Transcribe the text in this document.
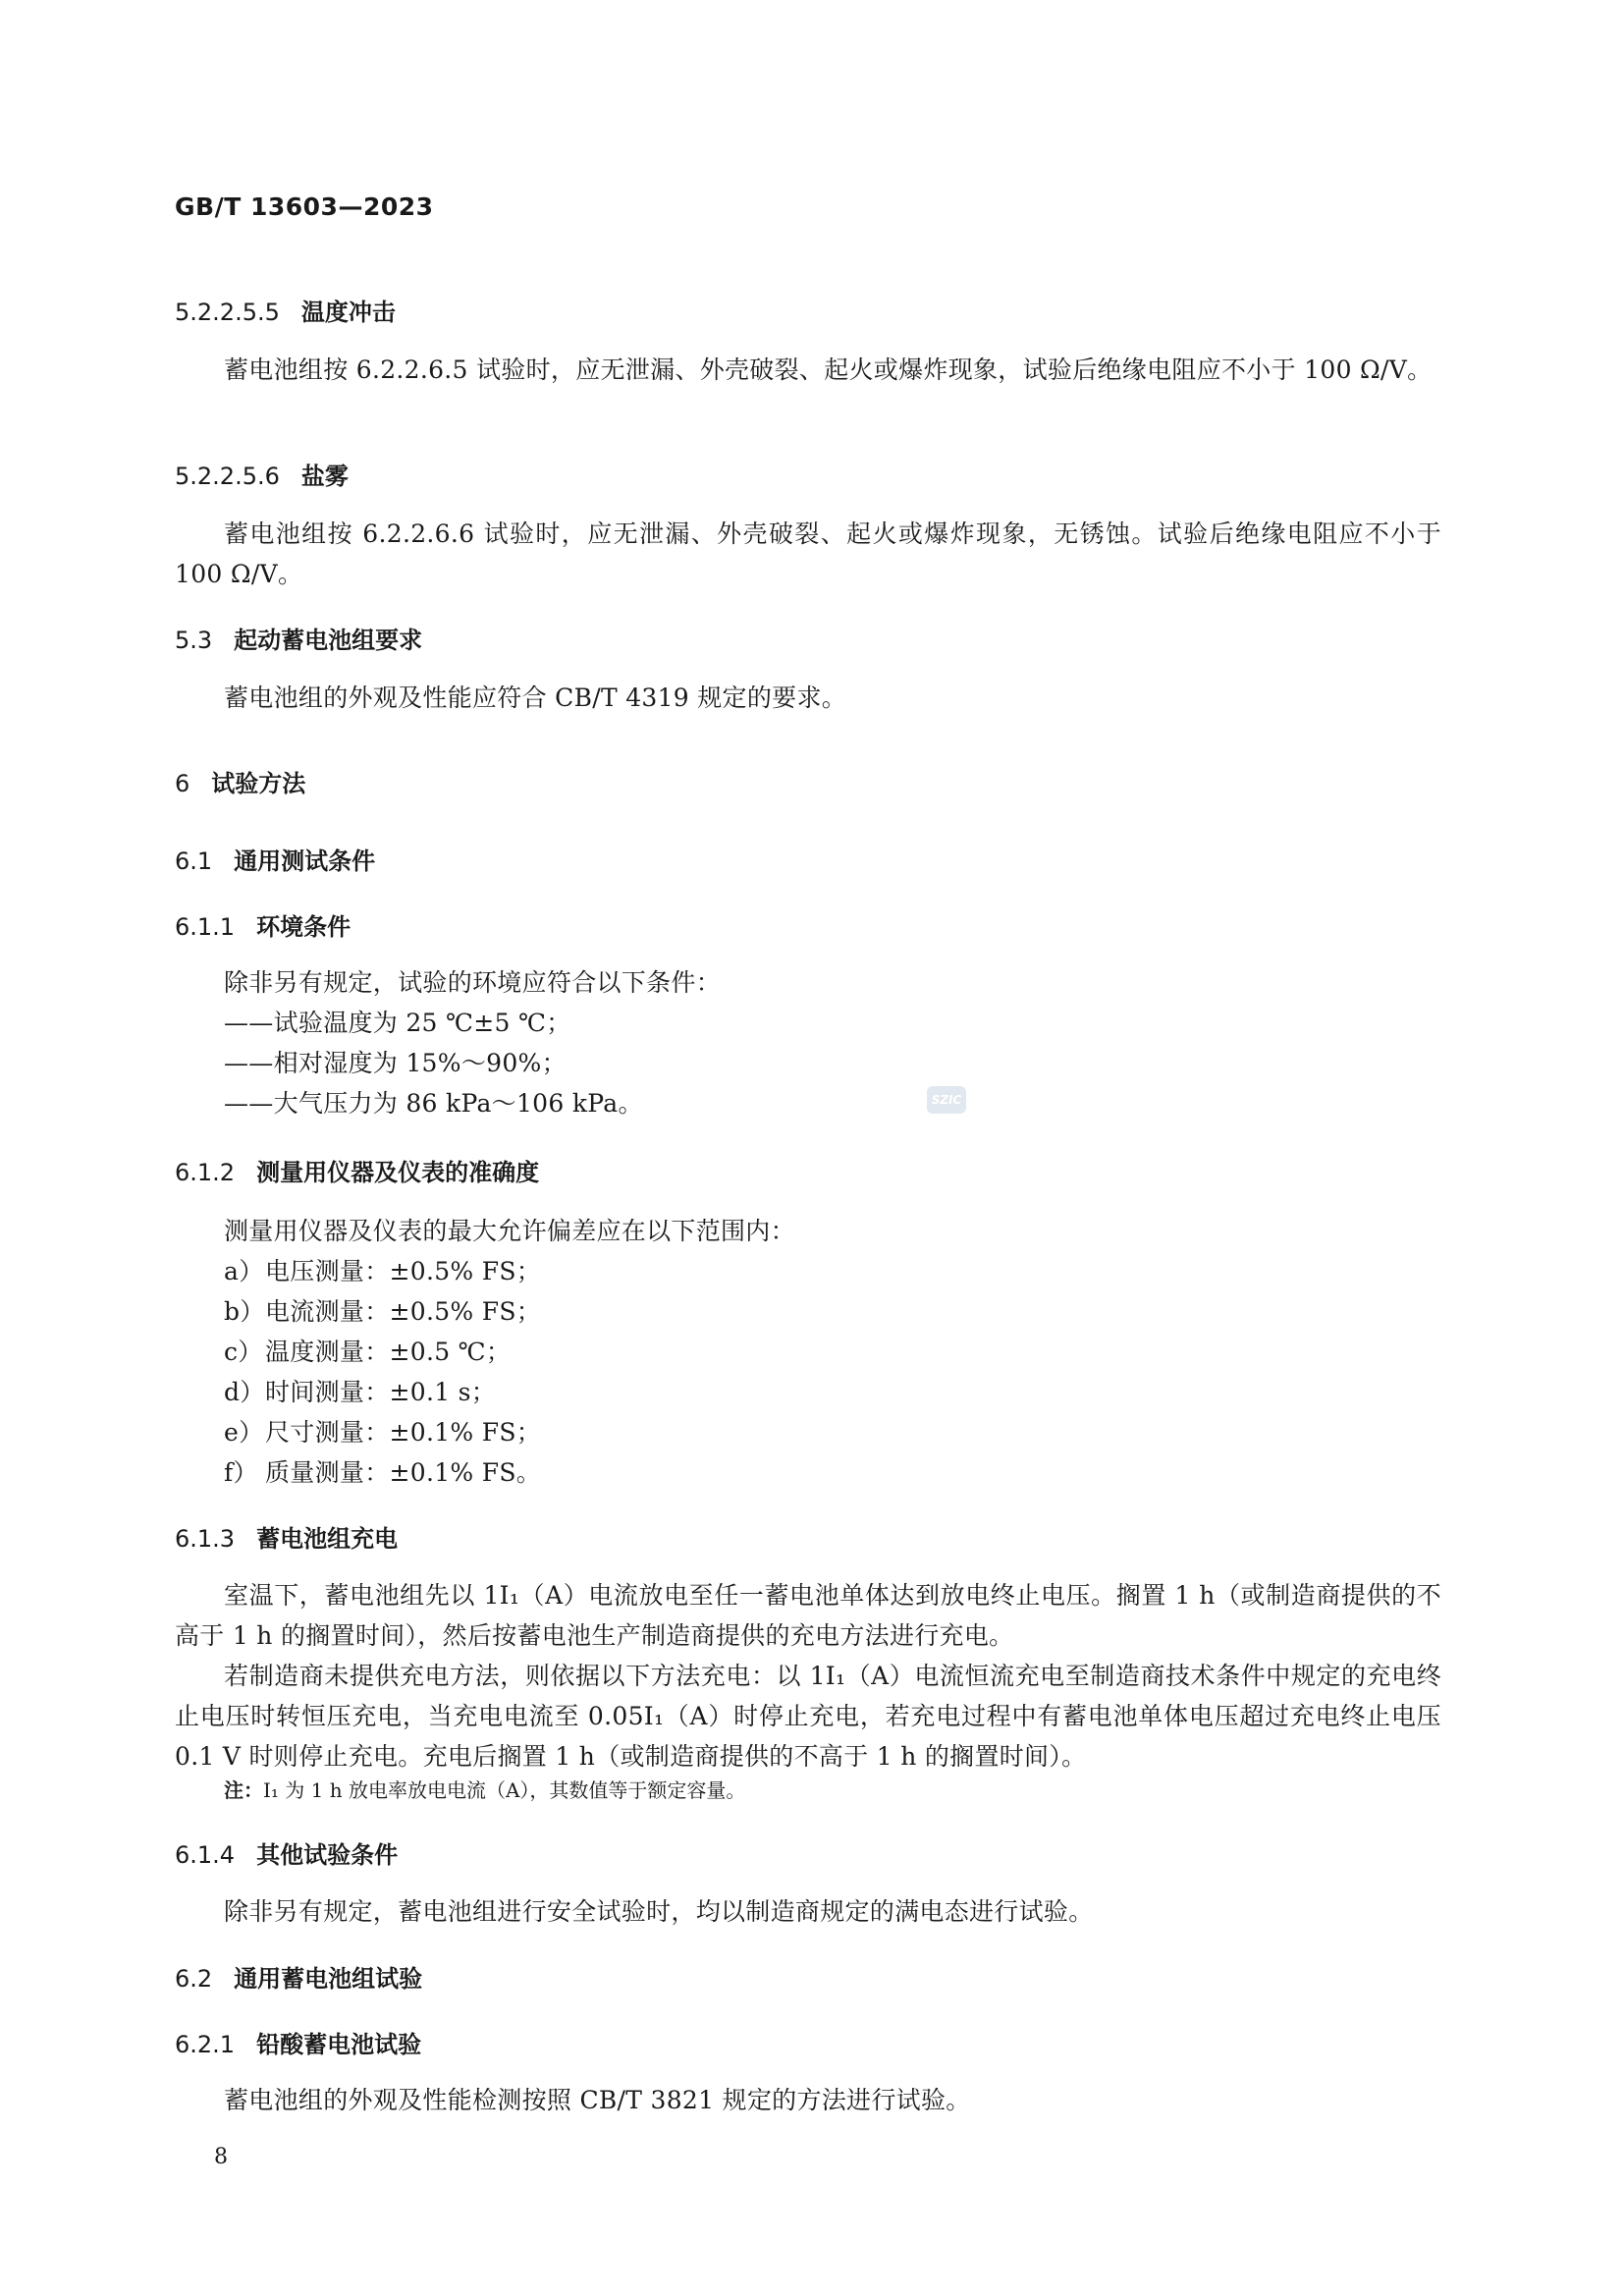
GB/T 13603—2023
5.2.2.5.5 温度冲击
蓄电池组按 6.2.2.6.5 试验时，应无泄漏、外壳破裂、起火或爆炸现象，试验后绝缘电阻应不小于 100 Ω/V。
5.2.2.5.6 盐雾
蓄电池组按 6.2.2.6.6 试验时，应无泄漏、外壳破裂、起火或爆炸现象，无锈蚀。试验后绝缘电阻应不小于 100 Ω/V。
5.3 起动蓄电池组要求
蓄电池组的外观及性能应符合 CB/T 4319 规定的要求。
6 试验方法
6.1 通用测试条件
6.1.1 环境条件
除非另有规定，试验的环境应符合以下条件：
——试验温度为 25 ℃±5 ℃；
——相对湿度为 15%～90%；
——大气压力为 86 kPa～106 kPa。
6.1.2 测量用仪器及仪表的准确度
测量用仪器及仪表的最大允许偏差应在以下范围内：
a）电压测量：±0.5% FS；
b）电流测量：±0.5% FS；
c）温度测量：±0.5 ℃；
d）时间测量：±0.1 s；
e）尺寸测量：±0.1% FS；
f） 质量测量：±0.1% FS。
6.1.3 蓄电池组充电
室温下，蓄电池组先以 1I₁（A）电流放电至任一蓄电池单体达到放电终止电压。搁置 1 h（或制造商提供的不高于 1 h 的搁置时间），然后按蓄电池生产制造商提供的充电方法进行充电。
若制造商未提供充电方法，则依据以下方法充电：以 1I₁（A）电流恒流充电至制造商技术条件中规定的充电终止电压时转恒压充电，当充电电流至 0.05I₁（A）时停止充电，若充电过程中有蓄电池单体电压超过充电终止电压 0.1 V 时则停止充电。充电后搁置 1 h（或制造商提供的不高于 1 h 的搁置时间）。
注：I₁ 为 1 h 放电率放电电流（A），其数值等于额定容量。
6.1.4 其他试验条件
除非另有规定，蓄电池组进行安全试验时，均以制造商规定的满电态进行试验。
6.2 通用蓄电池组试验
6.2.1 铅酸蓄电池试验
蓄电池组的外观及性能检测按照 CB/T 3821 规定的方法进行试验。
SZIC
8
